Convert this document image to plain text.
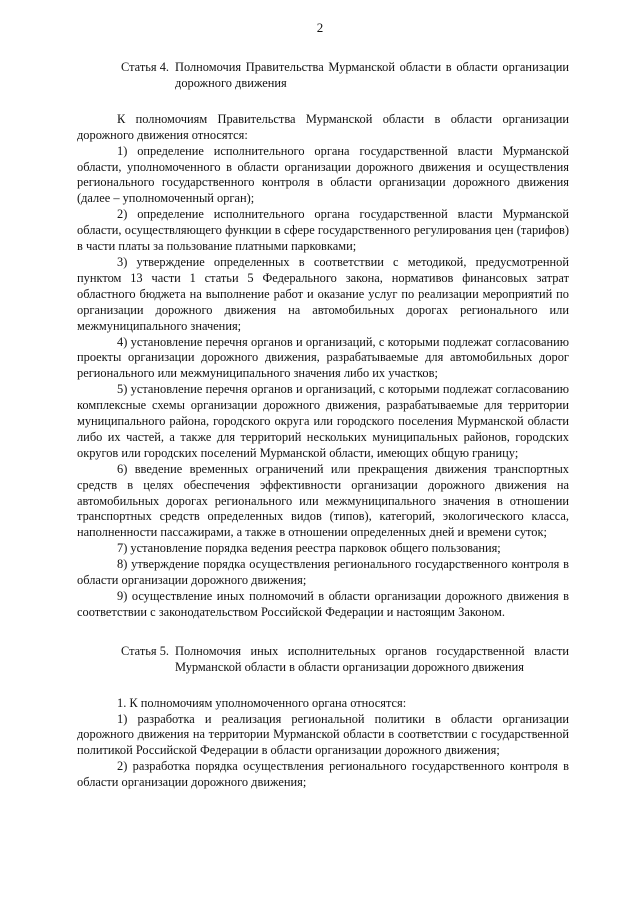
2
Статья 4. Полномочия Правительства Мурманской области в области организации дорожного движения

К полномочиям Правительства Мурманской области в области организации дорожного движения относятся:

1) определение исполнительного органа государственной власти Мурманской области, уполномоченного в области организации дорожного движения и осуществления регионального государственного контроля в области организации дорожного движения (далее – уполномоченный орган);

2) определение исполнительного органа государственной власти Мурманской области, осуществляющего функции в сфере государственного регулирования цен (тарифов) в части платы за пользование платными парковками;

3) утверждение определенных в соответствии с методикой, предусмотренной пунктом 13 части 1 статьи 5 Федерального закона, нормативов финансовых затрат областного бюджета на выполнение работ и оказание услуг по реализации мероприятий по организации дорожного движения на автомобильных дорогах регионального или межмуниципального значения;

4) установление перечня органов и организаций, с которыми подлежат согласованию проекты организации дорожного движения, разрабатываемые для автомобильных дорог регионального или межмуниципального значения либо их участков;

5) установление перечня органов и организаций, с которыми подлежат согласованию комплексные схемы организации дорожного движения, разрабатываемые для территории муниципального района, городского округа или городского поселения Мурманской области либо их частей, а также для территорий нескольких муниципальных районов, городских округов или городских поселений Мурманской области, имеющих общую границу;

6) введение временных ограничений или прекращения движения транспортных средств в целях обеспечения эффективности организации дорожного движения на автомобильных дорогах регионального или межмуниципального значения в отношении транспортных средств определенных видов (типов), категорий, экологического класса, наполненности пассажирами, а также в отношении определенных дней и времени суток;

7) установление порядка ведения реестра парковок общего пользования;

8) утверждение порядка осуществления регионального государственного контроля в области организации дорожного движения;

9) осуществление иных полномочий в области организации дорожного движения в соответствии с законодательством Российской Федерации и настоящим Законом.

Статья 5. Полномочия иных исполнительных органов государственной власти Мурманской области в области организации дорожного движения

1. К полномочиям уполномоченного органа относятся:

1) разработка и реализация региональной политики в области организации дорожного движения на территории Мурманской области в соответствии с государственной политикой Российской Федерации в области организации дорожного движения;

2) разработка порядка осуществления регионального государственного контроля в области организации дорожного движения;
